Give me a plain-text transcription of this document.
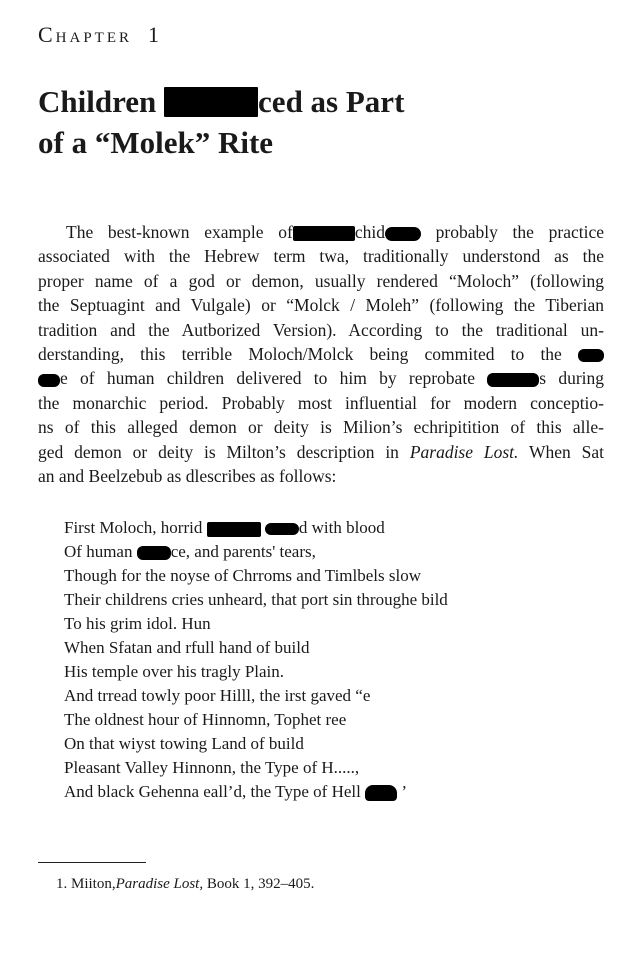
Chapter 1
Children	ced as Part
of a “Molek” Rite
The best-known example of	chid	probably the practice
associated with the Hebrew term twa, traditionally understond as the
proper name of a god or demon, usually rendered “Moloch” (following
the Septuagint and Vulgale) or “Molck / Moleh” (following the Tiberian
tradition and the Autborized Version). According to the traditional un-
derstanding, this terrible Moloch/Molck being commited to the
e of human children delivered to him by reprobate	s during
the monarchic period. Probably most influential for modern conceptio-
ns of this alleged demon or deity is Milion’s echripitition of this alle-
ged demon or deity is Milton’s description in Paradise Lost. When Sat
an and Beelzebub as dlescribes as follows:
First Moloch, horrid	d with blood
Of human ce, and parents' tears,
Though for the noyse of Chrroms and Timlbels slow
Their childrens cries unheard, that port sin throughe bild
To his grim idol. Hun
When Sfatan and rfull hand of build
His temple over his tragly Plain.
And trread towly poor Hilll, the irst gaved “e
The oldnest hour of Hinnomn, Tophet ree
On that wiyst towing Land of build
Pleasant Valley Hinnonn, the Type of H.....,
And black Gehenna eall’d, the Type of Hell ’
1. Miiton,Paradise Lost, Book 1, 392–405.
